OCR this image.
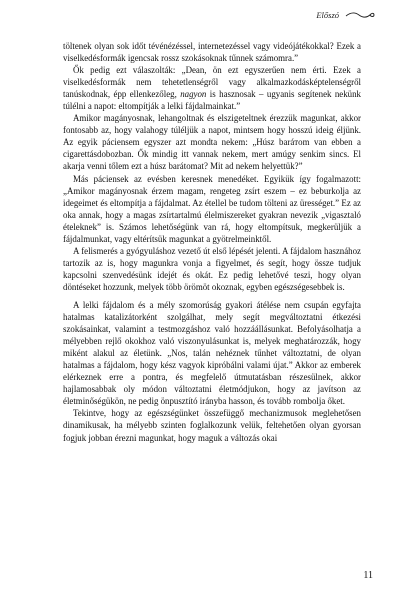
Előszó

töltenek olyan sok időt tévénézéssel, internetezéssel vagy videójátékokkal? Ezek a viselkedésformák igencsak rossz szokásoknak tűnnek számomra.”

Ők pedig ezt válaszolták: „Dean, ön ezt egyszerűen nem érti. Ezek a viselkedésformák nem tehetetlenségről vagy alkalmazkodásképtelenségről tanúskodnak, épp ellenkezőleg, nagyon is hasznosak – ugyanis segítenek nekünk túlélni a napot: eltompítják a lelki fájdalmainkat.”

Amikor magányosnak, lehangoltnak és elszigeteltnek érezzük magunkat, akkor fontosabb az, hogy valahogy túléljük a napot, mintsem hogy hosszú ideig éljünk. Az egyik páciensem egyszer azt mondta nekem: „Húsz baráтom van ebben a cigarettásdobozban. Ők mindig itt vannak nekem, mert amúgy senkim sincs. El akarja venni tőlem ezt a húsz barátomat? Mit ad nekem helyettük?”

Más páciensek az evésben keresnek menedéket. Egyikük így fogalmazott: „Amikor magányosnak érzem magam, rengeteg zsírt eszem – ez beburkolja az idegeimet és eltompítja a fájdalmat. Az étellel be tudom tölteni az ürességet.” Ez az oka annak, hogy a magas zsírtartalmú élelmiszereket gyakran nevezik „vigasztaló ételeknek” is. Számos lehetőségünk van rá, hogy eltompítsuk, megkerüljük a fájdalmunkat, vagy eltérítsük magunkat a gyötrelmeinktől.

A felismerés a gyógyuláshoz vezető út első lépését jelenti. A fájdalom hasznához tartozik az is, hogy magunkra vonja a figyelmet, és segít, hogy össze tudjuk kapcsolni szenvedésünk idejét és okát. Ez pedig lehetővé teszi, hogy olyan döntéseket hozzunk, melyek több örömöt okoznak, egyben egészségesebbek is.

A lelki fájdalom és a mély szomorúság gyakori átélése nem csupán egyfajta hatalmas katalizátorként szolgálhat, mely segít megváltoztatni étkezési szokásainkat, valamint a testmozgáshoz való hozzáállásunkat. Befolyásolhatja a mélyebben rejlő okokhoz való viszonyulásunkat is, melyek meghatározzák, hogy miként alakul az életünk. „Nos, talán nehéznek tűnhet változtatni, de olyan hatalmas a fájdalom, hogy kész vagyok kipróbálni valami újat.” Akkor az emberek elérkeznek erre a pontra, és megfelelő útmutatásban részesülnek, akkor hajlamosabbak oly módon változtatni életmódjukon, hogy az javítson az életminőségükön, ne pedig önpusztító irányba hasson, és tovább rombolja őket.

Tekintve, hogy az egészségünket összefüggő mechanizmusok meglehetősen dinamikusak, ha mélyebb szinten foglalkozunk velük, feltehetően olyan gyorsan fogjuk jobban érezni magunkat, hogy maguk a változás okai

11
